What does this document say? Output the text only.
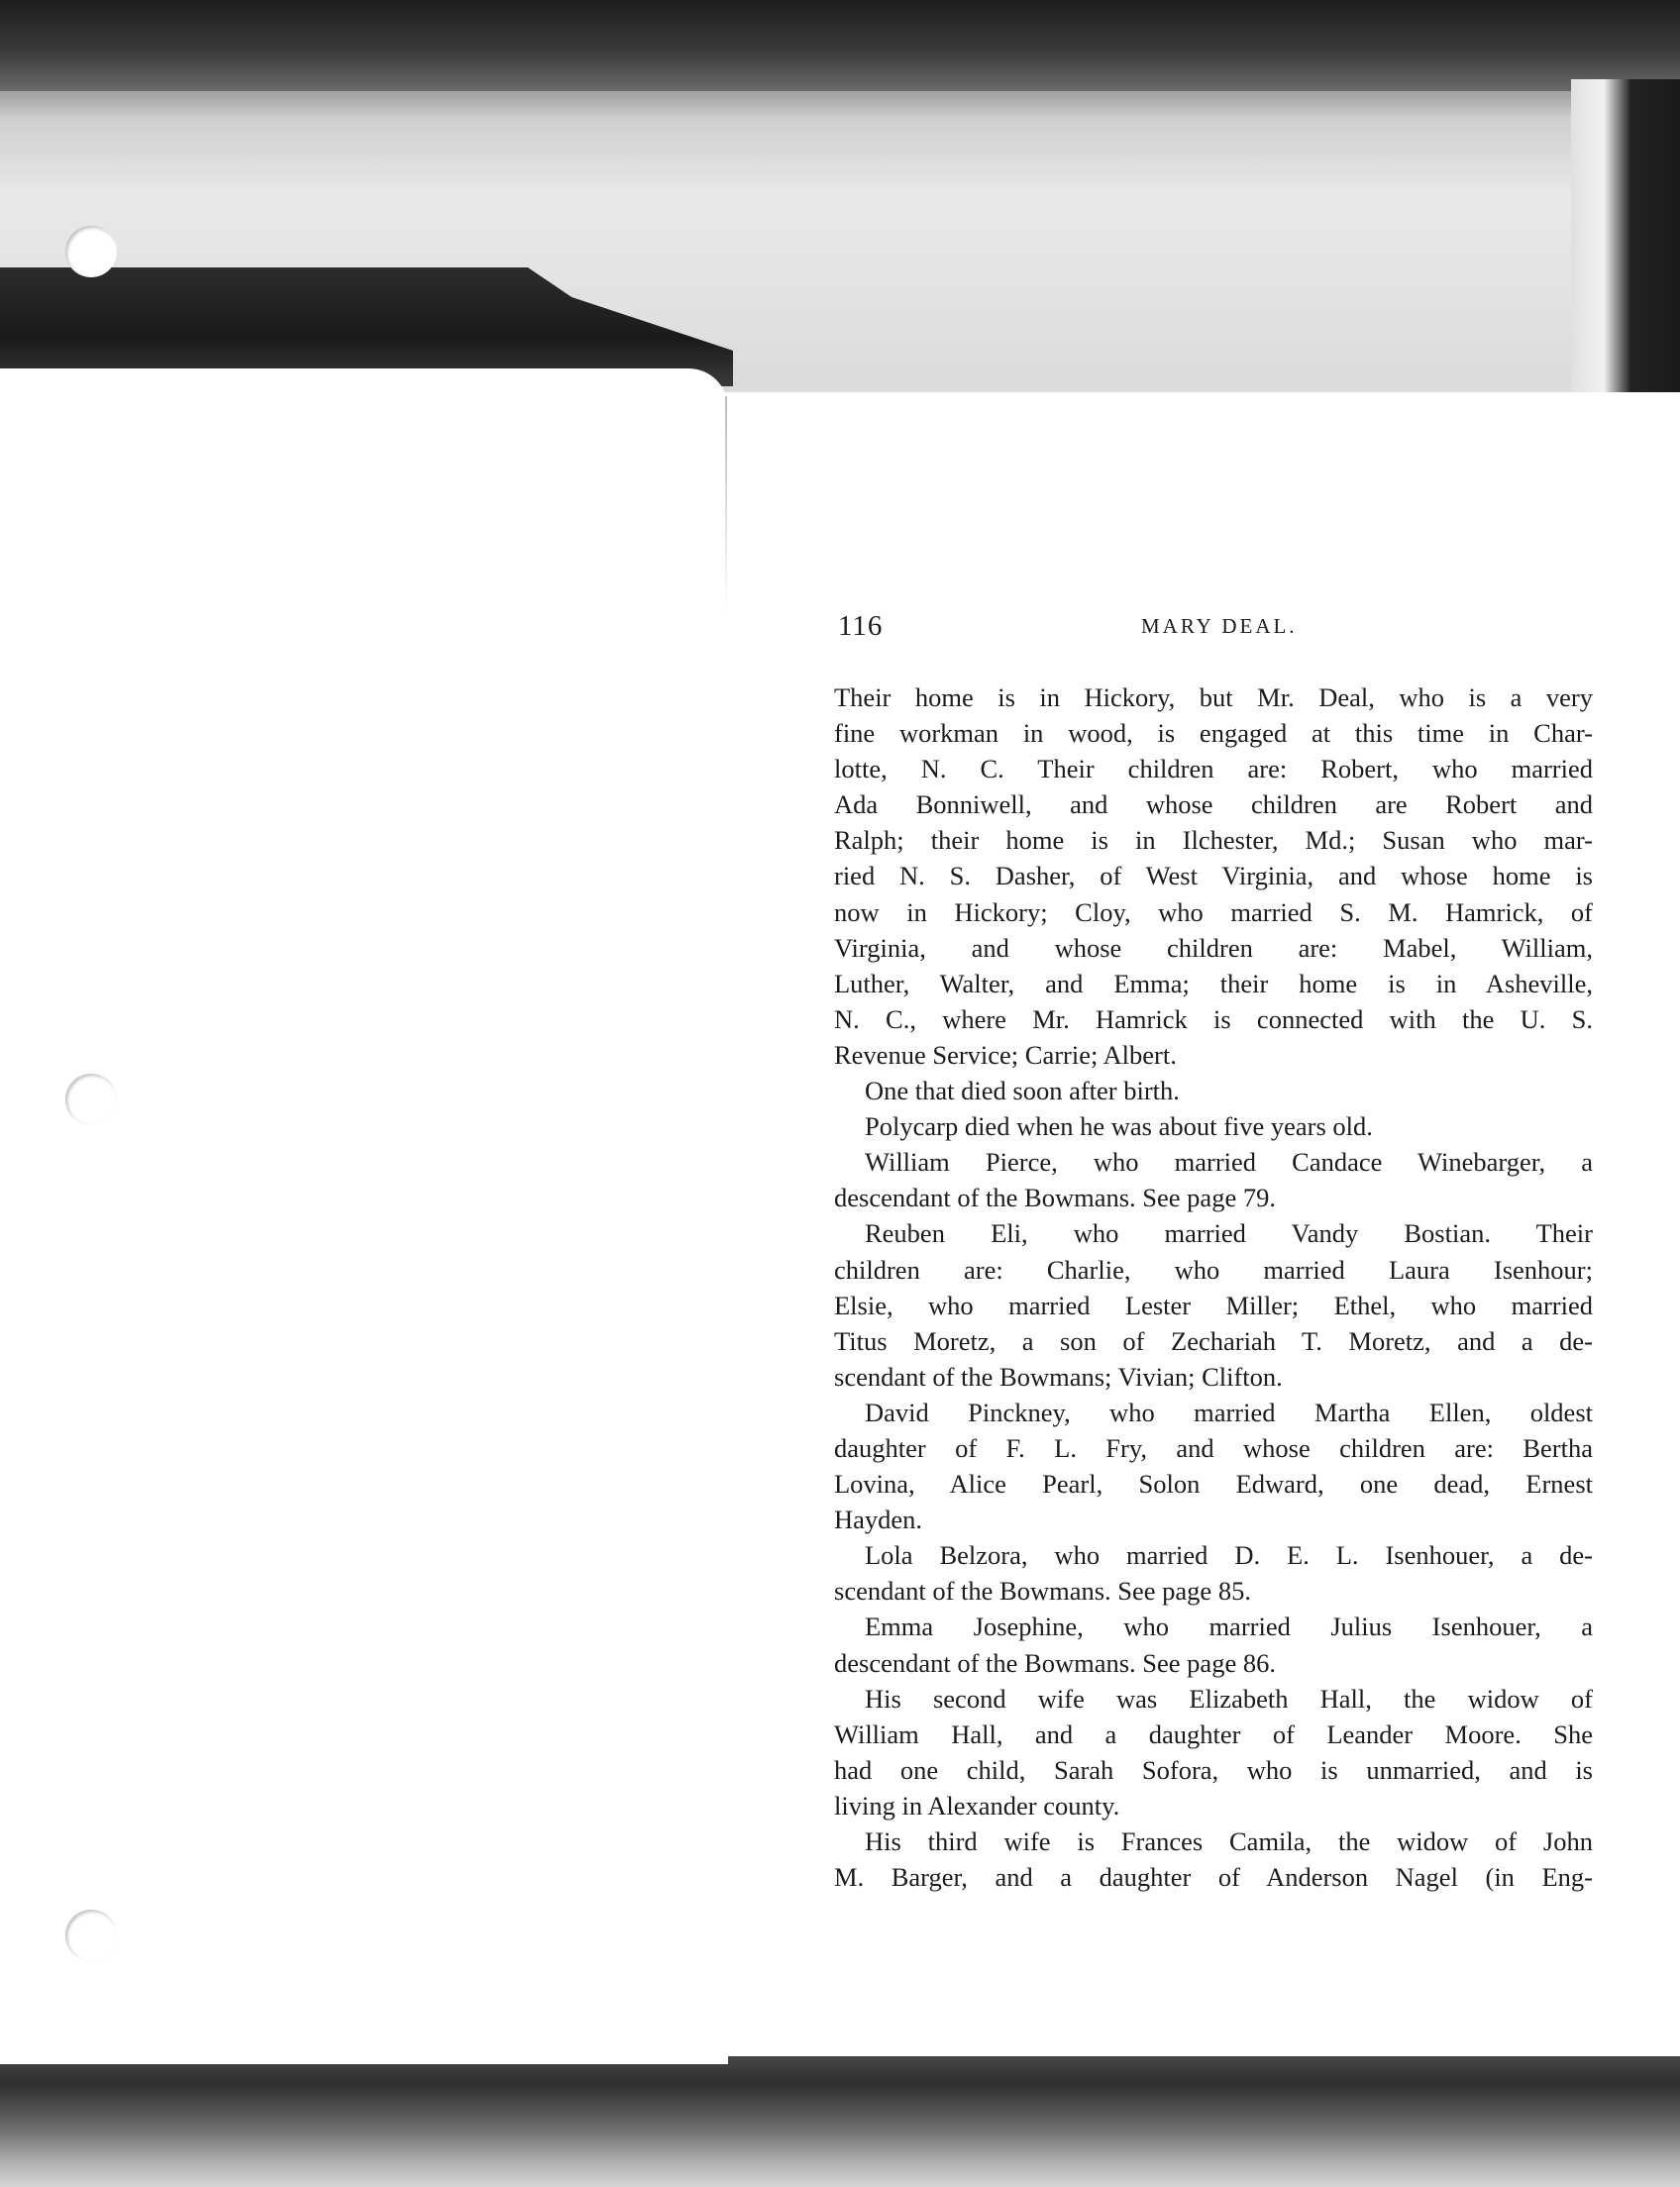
116	MARY DEAL.
Their home is in Hickory, but Mr. Deal, who is a very
fine workman in wood, is engaged at this time in Char-
lotte, N. C. Their children are: Robert, who married
Ada Bonniwell, and whose children are Robert and
Ralph; their home is in Ilchester, Md.; Susan who mar-
ried N. S. Dasher, of West Virginia, and whose home is
now in Hickory; Cloy, who married S. M. Hamrick, of
Virginia, and whose children are: Mabel, William,
Luther, Walter, and Emma; their home is in Asheville,
N. C., where Mr. Hamrick is connected with the U. S.
Revenue Service; Carrie; Albert.
One that died soon after birth.
Polycarp died when he was about five years old.
William Pierce, who married Candace Winebarger, a
descendant of the Bowmans. See page 79.
Reuben Eli, who married Vandy Bostian. Their
children are: Charlie, who married Laura Isenhour;
Elsie, who married Lester Miller; Ethel, who married
Titus Moretz, a son of Zechariah T. Moretz, and a de-
scendant of the Bowmans; Vivian; Clifton.
David Pinckney, who married Martha Ellen, oldest
daughter of F. L. Fry, and whose children are: Bertha
Lovina, Alice Pearl, Solon Edward, one dead, Ernest
Hayden.
Lola Belzora, who married D. E. L. Isenhouer, a de-
scendant of the Bowmans. See page 85.
Emma Josephine, who married Julius Isenhouer, a
descendant of the Bowmans. See page 86.
His second wife was Elizabeth Hall, the widow of
William Hall, and a daughter of Leander Moore. She
had one child, Sarah Sofora, who is unmarried, and is
living in Alexander county.
His third wife is Frances Camila, the widow of John
M. Barger, and a daughter of Anderson Nagel (in Eng-
